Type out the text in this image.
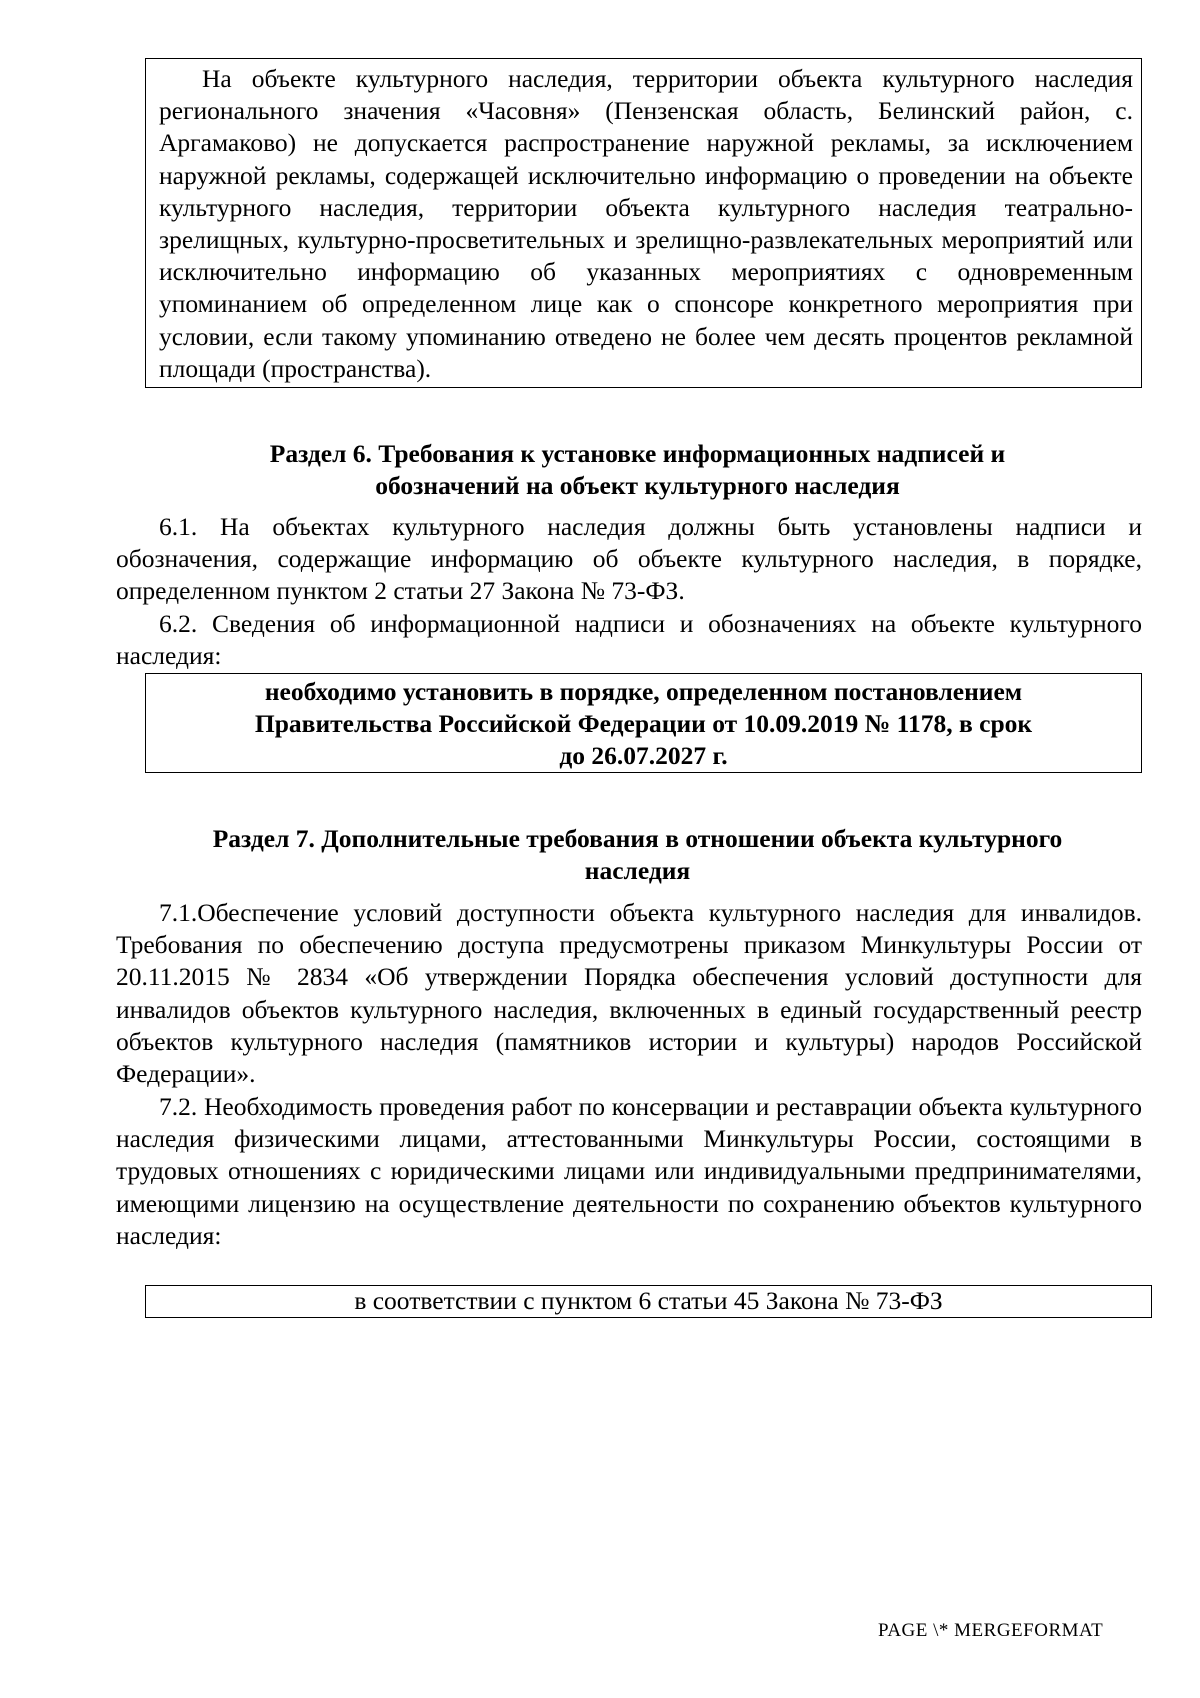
На объекте культурного наследия, территории объекта культурного наследия регионального значения «Часовня» (Пензенская область, Белинский район, с. Аргамаково) не допускается распространение наружной рекламы, за исключением наружной рекламы, содержащей исключительно информацию о проведении на объекте культурного наследия, территории объекта культурного наследия театрально-зрелищных, культурно-просветительных и зрелищно-развлекательных мероприятий или исключительно информацию об указанных мероприятиях с одновременным упоминанием об определенном лице как о спонсоре конкретного мероприятия при условии, если такому упоминанию отведено не более чем десять процентов рекламной площади (пространства).

Раздел 6. Требования к установке информационных надписей и
обозначений на объект культурного наследия

6.1. На объектах культурного наследия должны быть установлены надписи и обозначения, содержащие информацию об объекте культурного наследия, в порядке, определенном пунктом 2 статьи 27 Закона № 73-ФЗ.

6.2. Сведения об информационной надписи и обозначениях на объекте культурного наследия:

необходимо установить в порядке, определенном постановлением
Правительства Российской Федерации от 10.09.2019 № 1178, в срок
до 26.07.2027 г.
Раздел 7. Дополнительные требования в отношении объекта культурного
наследия

7.1.Обеспечение условий доступности объекта культурного наследия для инвалидов. Требования по обеспечению доступа предусмотрены приказом Минкультуры России от 20.11.2015 № 2834 «Об утверждении Порядка обеспечения условий доступности для инвалидов объектов культурного наследия, включенных в единый государственный реестр объектов культурного наследия (памятников истории и культуры) народов Российской Федерации».

7.2. Необходимость проведения работ по консервации и реставрации объекта культурного наследия физическими лицами, аттестованными Минкультуры России, состоящими в трудовых отношениях с юридическими лицами или индивидуальными предпринимателями, имеющими лицензию на осуществление деятельности по сохранению объектов культурного наследия:

в соответствии с пунктом 6 статьи 45 Закона № 73-ФЗ
PAGE \* MERGEFORMAT
